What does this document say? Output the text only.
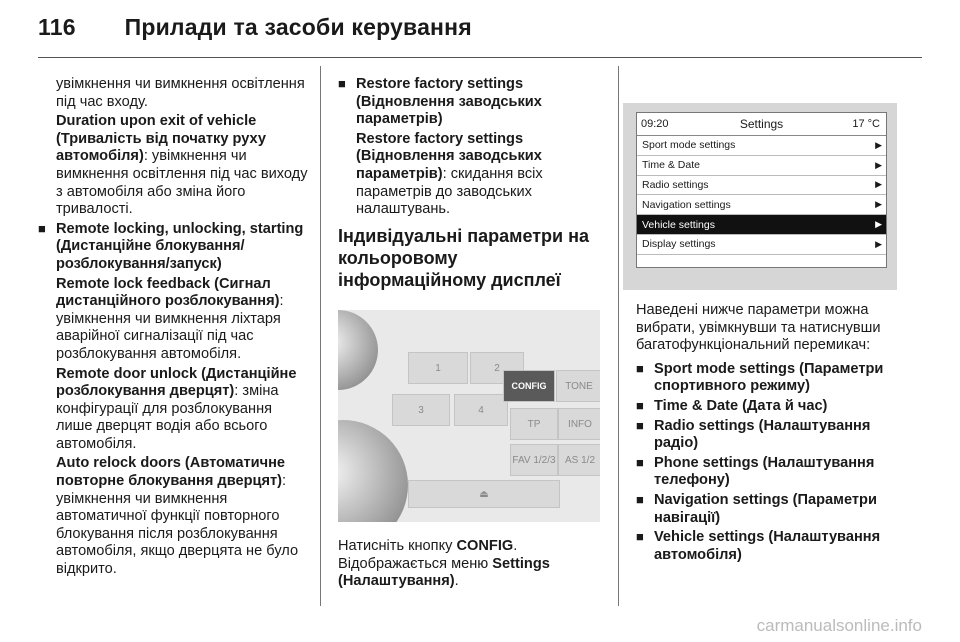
116 Прилади та засоби керування

увімкнення чи вимкнення освітлення під час входу.

Duration upon exit of vehicle (Тривалість від початку руху автомобіля): увімкнення чи вимкнення освітлення під час виходу з автомобіля або зміна його тривалості.

■ Remote locking, unlocking, starting (Дистанційне блокування/ розблокування/запуск)

Remote lock feedback (Сигнал дистанційного розблокування): увімкнення чи вимкнення ліхтаря аварійної сигналізації під час розблокування автомобіля.

Remote door unlock (Дистанційне розблокування дверцят): зміна конфігурації для розблокування лише дверцят водія або всього автомобіля.

Auto relock doors (Автоматичне повторне блокування дверцят): увімкнення чи вимкнення автоматичної функції повторного блокування після розблокування автомобіля, якщо дверцята не було відкрито.

■ Restore factory settings (Відновлення заводських параметрів)

Restore factory settings (Відновлення заводських параметрів): скидання всіх параметрів до заводських налаштувань.

Індивідуальні параметри на кольоровому інформаційному дисплеї
1	2
3	4
CONFIG	TONE
TP	INFO
FAV 1/2/3 AS 1/2
⏏

Натисніть кнопку CONFIG. Відображається меню Settings (Налаштування).

09:20	Settings	17 °C
Sport mode settings	▶
Time & Date	▶
Radio settings	▶
Navigation settings	▶
Vehicle settings	▶
Display settings	▶

Наведені нижче параметри можна вибрати, увімкнувши та натиснувши багатофункціональний перемикач:

■ Sport mode settings (Параметри спортивного режиму)

■ Time & Date (Дата й час)

■ Radio settings (Налаштування радіо)

■ Phone settings (Налаштування телефону)

■ Navigation settings (Параметри навігації)

■ Vehicle settings (Налаштування автомобіля)

carmanualsonline.info
